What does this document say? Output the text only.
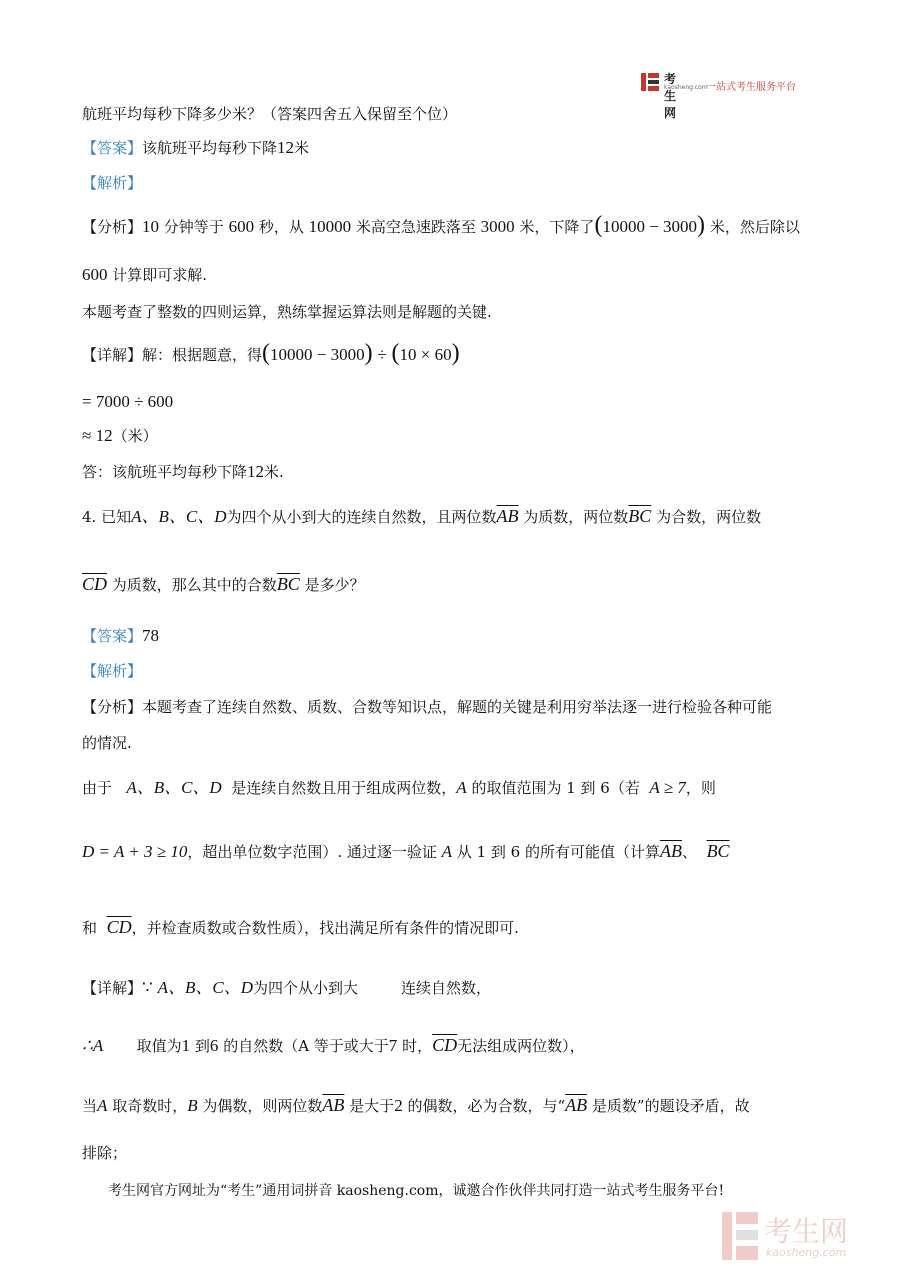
考生网
kaosheng.com
一站式考生服务平台
航班平均每秒下降多少米？（答案四舍五入保留至个位）
【答案】该航班平均每秒下降12米
【解析】
【分析】10 分钟等于 600 秒，从 10000 米高空急速跌落至 3000 米，下降了(10000 − 3000) 米，然后除以
600 计算即可求解.
本题考查了整数的四则运算，熟练掌握运算法则是解题的关键.
【详解】解：根据题意，得(10000 − 3000) ÷ (10 × 60)
= 7000 ÷ 600
≈ 12（米）
答：该航班平均每秒下降12米.
4. 已知A、B、C、D为四个从小到大的连续自然数，且两位数$\overline{AB}$ 为质数，两位数$\overline{BC}$ 为合数，两位数
$\overline{CD}$ 为质数，那么其中的合数$\overline{BC}$ 是多少？
【答案】78
【解析】
【分析】本题考查了连续自然数、质数、合数等知识点，解题的关键是利用穷举法逐一进行检验各种可能
的情况.
由于 A、B、C、D 是连续自然数且用于组成两位数，A 的取值范围为 1 到 6（若 A ≥ 7，则
D = A + 3 ≥ 10，超出单位数字范围）. 通过逐一验证 A 从 1 到 6 的所有可能值（计算$\overline{AB}$、 $\overline{BC}$
和 $\overline{CD}$，并检查质数或合数性质），找出满足所有条件的情况即可.
【详解】∵ A、B、C、D为四个从小到大	连续自然数，
∴A 取值为1 到6 的自然数（A 等于或大于7 时，$\overline{CD}$无法组成两位数），
当A 取奇数时，B 为偶数，则两位数$\overline{AB}$ 是大于2 的偶数，必为合数，与“$\overline{AB}$ 是质数”的题设矛盾，故
排除；
考生网官方网址为“考生”通用词拼音 kaosheng.com，诚邀合作伙伴共同打造一站式考生服务平台!
考生网
kaosheng.com
